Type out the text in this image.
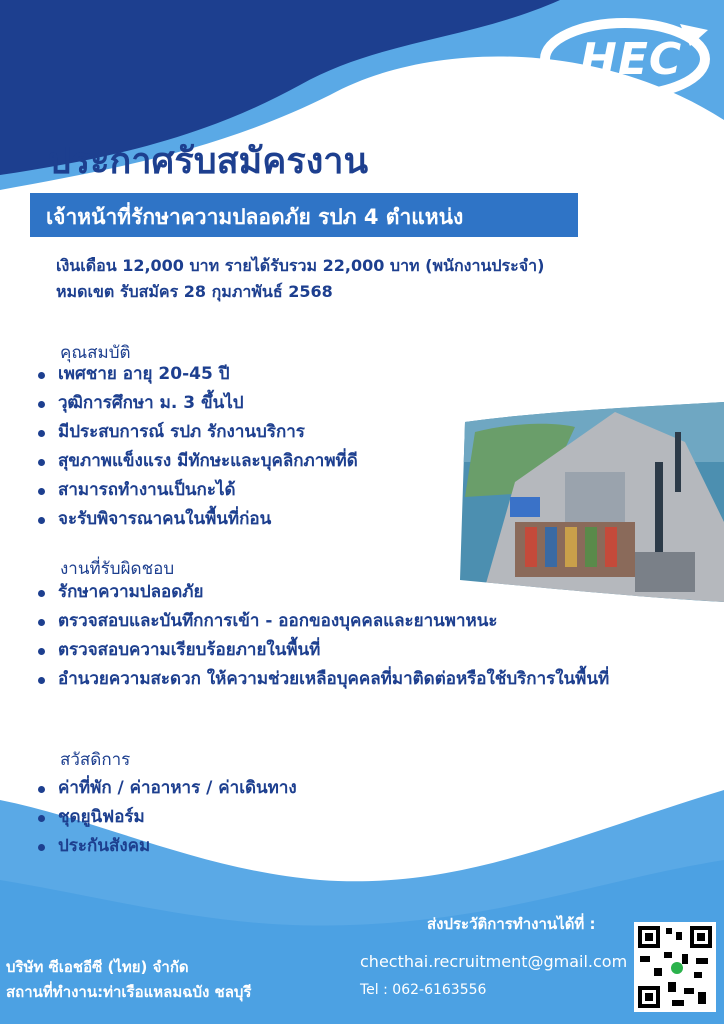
HEC
ประกาศรับสมัครงาน
เจ้าหน้าที่รักษาความปลอดภัย รปภ 4 ตำแหน่ง
เงินเดือน 12,000 บาท รายได้รับรวม 22,000 บาท (พนักงานประจำ)
หมดเขต รับสมัคร 28 กุมภาพันธ์ 2568
คุณสมบัติ
เพศชาย อายุ 20-45 ปี
วุฒิการศึกษา ม. 3 ขึ้นไป
มีประสบการณ์ รปภ รักงานบริการ
สุขภาพแข็งแรง มีทักษะและบุคลิกภาพที่ดี
สามารถทำงานเป็นกะได้
จะรับพิจารณาคนในพื้นที่ก่อน
งานที่รับผิดชอบ
รักษาความปลอดภัย
ตรวจสอบและบันทึกการเข้า - ออกของบุคคลและยานพาหนะ
ตรวจสอบความเรียบร้อยภายในพื้นที่
อำนวยความสะดวก ให้ความช่วยเหลือบุคคลที่มาติดต่อหรือใช้บริการในพื้นที่
สวัสดิการ
ค่าที่พัก / ค่าอาหาร / ค่าเดินทาง
ชุดยูนิฟอร์ม
ประกันสังคม
บริษัท ซีเอชอีซี (ไทย) จำกัด
สถานที่ทำงาน:ท่าเรือแหลมฉบัง ชลบุรี
ส่งประวัติการทำงานได้ที่ :
checthai.recruitment@gmail.com
Tel : 062-6163556
